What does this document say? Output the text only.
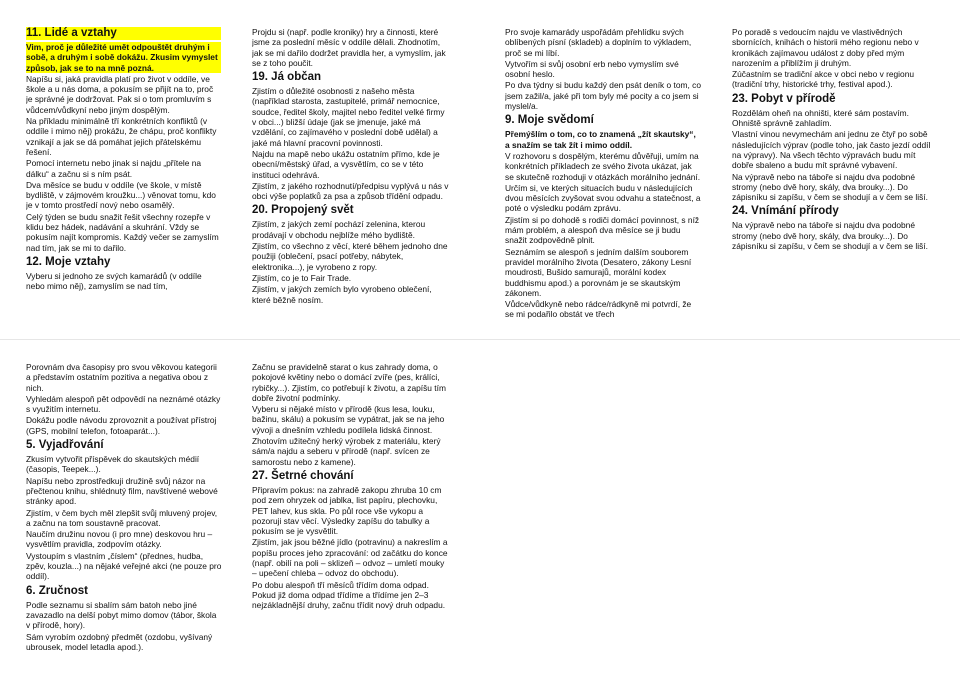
11. Lidé a vztahy

Vim, proč je důležité umět odpouštět druhým i sobě, a druhým i sobě dokážu. Zkusim vymyslet způsob, jak se to na mně pozná.

Napíšu si, jaká pravidla platí pro život v oddíle, ve škole a u nás doma, a pokusím se přijít na to, proč je správné je dodržovat. Pak si o tom promluvím s vůdcem/vůdkyní nebo jiným dospělým.

Na příkladu minimálně tří konkrétních konfliktů (v oddíle i mimo něj) prokážu, že chápu, proč konflikty vznikají a jak se dá pomáhat jejich přátelskému řešení.

Pomocí internetu nebo jinak si najdu „přítele na dálku“ a začnu si s ním psát.

Dva měsíce se budu v oddíle (ve škole, v místě bydliště, v zájmovém kroužku...) věnovat tomu, kdo je v tomto prostředí nový nebo osamělý.

Celý týden se budu snažit řešit všechny rozepře v klidu bez hádek, nadávání a skuhrání. Vždy se pokusím najít kompromis. Každý večer se zamyslím nad tím, jak se mi to dařilo.

12. Moje vztahy

Vyberu si jednoho ze svých kamarádů (v oddíle nebo mimo něj), zamyslím se nad tím,

Projdu si (např. podle kroniky) hry a činnosti, které jsme za poslední měsíc v oddíle dělali. Zhodnotím, jak se mi dařilo dodržet pravidla her, a vymyslím, jak se z toho poučit.

19. Já občan

Zjistím o důležité osobnosti z našeho města (například starosta, zastupitelé, primář nemocnice, soudce, ředitel školy, majitel nebo ředitel velké firmy v obci...) bližší údaje (jak se jmenuje, jaké má vzdělání, co zajímavého v poslední době udělal) a jaké má hlavní pracovní povinnosti.

Najdu na mapě nebo ukážu ostatním přímo, kde je obecní/městský úřad, a vysvětlím, co se v této instituci odehrává.

Zjistím, z jakého rozhodnutí/předpisu vyplývá u nás v obci výše poplatků za psa a způsob třídění odpadu.

20. Propojený svět

Zjistím, z jakých zemí pochází zelenina, kterou prodávají v obchodu nejblíže mého bydliště.

Zjistím, co všechno z věcí, které během jednoho dne použiji (oblečení, psací potřeby, nábytek, elektronika...), je vyrobeno z ropy.

Zjistím, co je to Fair Trade.

Zjistím, v jakých zemích bylo vyrobeno oblečení, které běžně nosím.

Pro svoje kamarády uspořádám přehlídku svých oblíbených písní (skladeb) a doplním to výkladem, proč se mi líbí.

Vytvořím si svůj osobní erb nebo vymyslím své osobní heslo.

Po dva týdny si budu každý den psát deník o tom, co jsem zažil/a, jaké při tom byly mé pocity a co jsem si myslel/a.

9. Moje svědomí

Přemýšlím o tom, co to znamená „žít skautsky“, a snažím se tak žít i mimo oddíl.

V rozhovoru s dospělým, kterému důvěřuji, umím na konkrétních příkladech ze svého života ukázat, jak se skutečně rozhoduji v otázkách morálního jednání.

Určím si, ve kterých situacích budu v následujících dvou měsících zvyšovat svou odvahu a statečnost, a poté o výsledku podám zprávu.

Zjistím si po dohodě s rodiči domácí povinnost, s níž mám problém, a alespoň dva měsíce se ji budu snažit zodpovědně plnit.

Seznámím se alespoň s jedním dalším souborem pravidel morálního života (Desatero, zákony Lesní moudrosti, Bušido samurajů, morální kodex buddhismu apod.) a porovnám je se skautským zákonem.

Vůdce/vůdkyně nebo rádce/rádkyně mi potvrdí, že se mi podařilo obstát ve třech

Po poradě s vedoucím najdu ve vlastivědných sbornících, knihách o historii mého regionu nebo v kronikách zajímavou událost z doby před mým narozením a přiblížím ji druhým.

Zúčastním se tradiční akce v obci nebo v regionu (tradiční trhy, historické trhy, festival apod.).

23. Pobyt v přírodě

Rozdělám oheň na ohništi, které sám postavím. Ohniště správně zahladím.

Vlastní vinou nevymechám ani jednu ze čtyř po sobě následujících výprav (podle toho, jak často jezdí oddíl na výpravy). Na všech těchto výpravách budu mít dobře sbaleno a budu mít správné vybavení.

Na výpravě nebo na táboře si najdu dva podobné stromy (nebo dvě hory, skály, dva brouky...). Do zápisníku si zapíšu, v čem se shodují a v čem se liší.

24. Vnímání přírody

Na výpravě nebo na táboře si najdu dva podobné stromy (nebo dvě hory, skály, dva brouky...). Do zápisníku si zapíšu, v čem se shodují a v čem se liší.

Porovnám dva časopisy pro svou věkovou kategorii a představím ostatním pozitiva a negativa obou z nich.

Vyhledám alespoň pět odpovědí na neznámé otázky s využitím internetu.

Dokážu podle návodu zprovoznit a používat přístroj (GPS, mobilní telefon, fotoaparát...).

5. Vyjadřování

Zkusím vytvořit příspěvek do skautských médií (časopis, Teepek...).

Napíšu nebo zprostředkuji družině svůj názor na přečtenou knihu, shlédnutý film, navštívené webové stránky apod.

Zjistím, v čem bych měl zlepšit svůj mluvený projev, a začnu na tom soustavně pracovat.

Naučím družinu novou (i pro mne) deskovou hru – vysvětlím pravidla, zodpovím otázky.

Vystoupím s vlastním „číslem“ (přednes, hudba, zpěv, kouzla...) na nějaké veřejné akci (ne pouze pro oddíl).

6. Zručnost

Podle seznamu si sbalím sám batoh nebo jiné zavazadlo na delší pobyt mimo domov (tábor, škola v přírodě, hory).

Sám vyrobím ozdobný předmět (ozdobu, vyšívaný ubrousek, model letadla apod.).

Začnu se pravidelně starat o kus zahrady doma, o pokojové květiny nebo o domácí zvíře (pes, králíci, rybičky...). Zjistím, co potřebují k životu, a zapíšu tím dobře životní podmínky.

Vyberu si nějaké místo v přírodě (kus lesa, louku, bažinu, skálu) a pokusím se vypátrat, jak se na jeho vývoji a dnešním vzhledu podílela lidská činnost.

Zhotovím užitečný herký výrobek z materiálu, který sám/a najdu a seberu v přírodě (např. svícen ze samorostu nebo z kamene).

27. Šetrné chování

Připravím pokus: na zahradě zakopu zhruba 10 cm pod zem ohryzek od jablka, list papíru, plechovku, PET lahev, kus skla. Po půl roce vše vykopu a pozoruji stav věcí. Výsledky zapíšu do tabulky a pokusím se je vysvětlit.

Zjistím, jak jsou běžné jídlo (potravinu) a nakreslím a popíšu proces jeho zpracování: od začátku do konce (např. obilí na poli – sklizeň – odvoz – umletí mouky – upečení chleba – odvoz do obchodu).

Po dobu alespoň tří měsíců třídím doma odpad. Pokud již doma odpad třídíme a třídíme jen 2–3 nejzákladnější druhy, začnu třídit nový druh odpadu.
